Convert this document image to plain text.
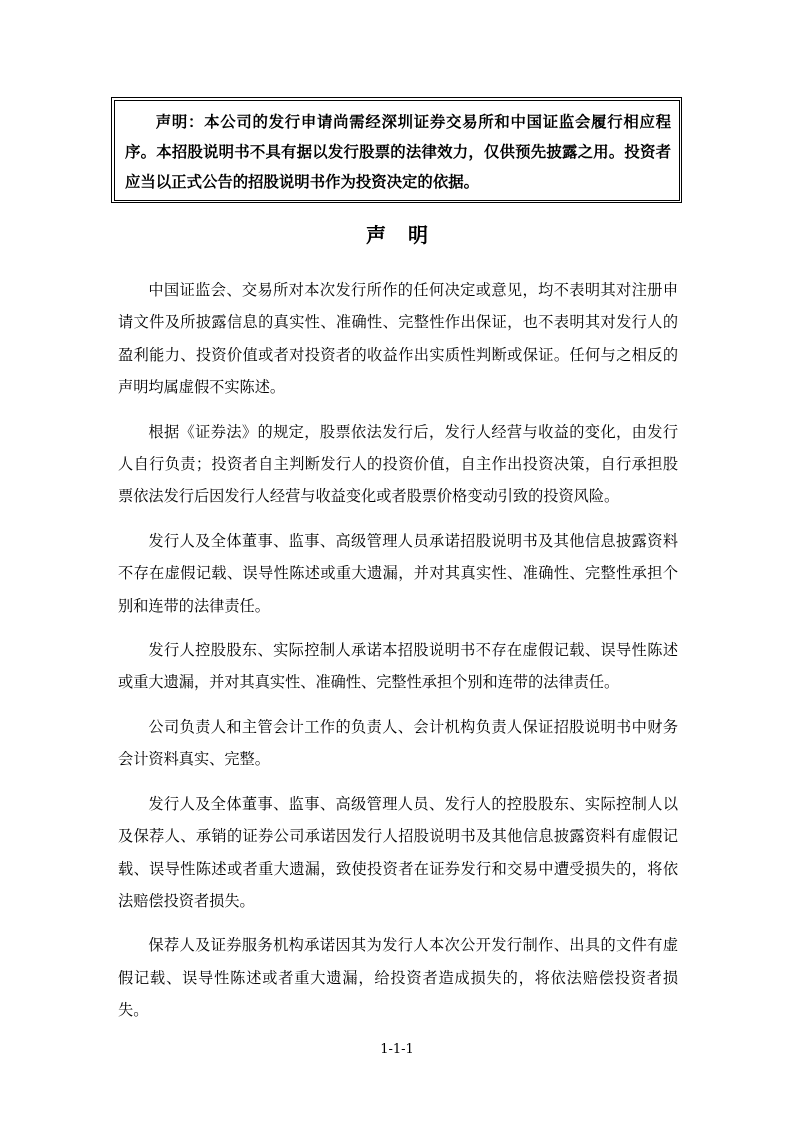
声明：本公司的发行申请尚需经深圳证券交易所和中国证监会履行相应程序。本招股说明书不具有据以发行股票的法律效力，仅供预先披露之用。投资者应当以正式公告的招股说明书作为投资决定的依据。

声明

中国证监会、交易所对本次发行所作的任何决定或意见，均不表明其对注册申请文件及所披露信息的真实性、准确性、完整性作出保证，也不表明其对发行人的盈利能力、投资价值或者对投资者的收益作出实质性判断或保证。任何与之相反的声明均属虚假不实陈述。

根据《证券法》的规定，股票依法发行后，发行人经营与收益的变化，由发行人自行负责；投资者自主判断发行人的投资价值，自主作出投资决策，自行承担股票依法发行后因发行人经营与收益变化或者股票价格变动引致的投资风险。

发行人及全体董事、监事、高级管理人员承诺招股说明书及其他信息披露资料不存在虚假记载、误导性陈述或重大遗漏，并对其真实性、准确性、完整性承担个别和连带的法律责任。

发行人控股股东、实际控制人承诺本招股说明书不存在虚假记载、误导性陈述或重大遗漏，并对其真实性、准确性、完整性承担个别和连带的法律责任。

公司负责人和主管会计工作的负责人、会计机构负责人保证招股说明书中财务会计资料真实、完整。

发行人及全体董事、监事、高级管理人员、发行人的控股股东、实际控制人以及保荐人、承销的证券公司承诺因发行人招股说明书及其他信息披露资料有虚假记载、误导性陈述或者重大遗漏，致使投资者在证券发行和交易中遭受损失的，将依法赔偿投资者损失。

保荐人及证券服务机构承诺因其为发行人本次公开发行制作、出具的文件有虚假记载、误导性陈述或者重大遗漏，给投资者造成损失的，将依法赔偿投资者损失。

1-1-1
